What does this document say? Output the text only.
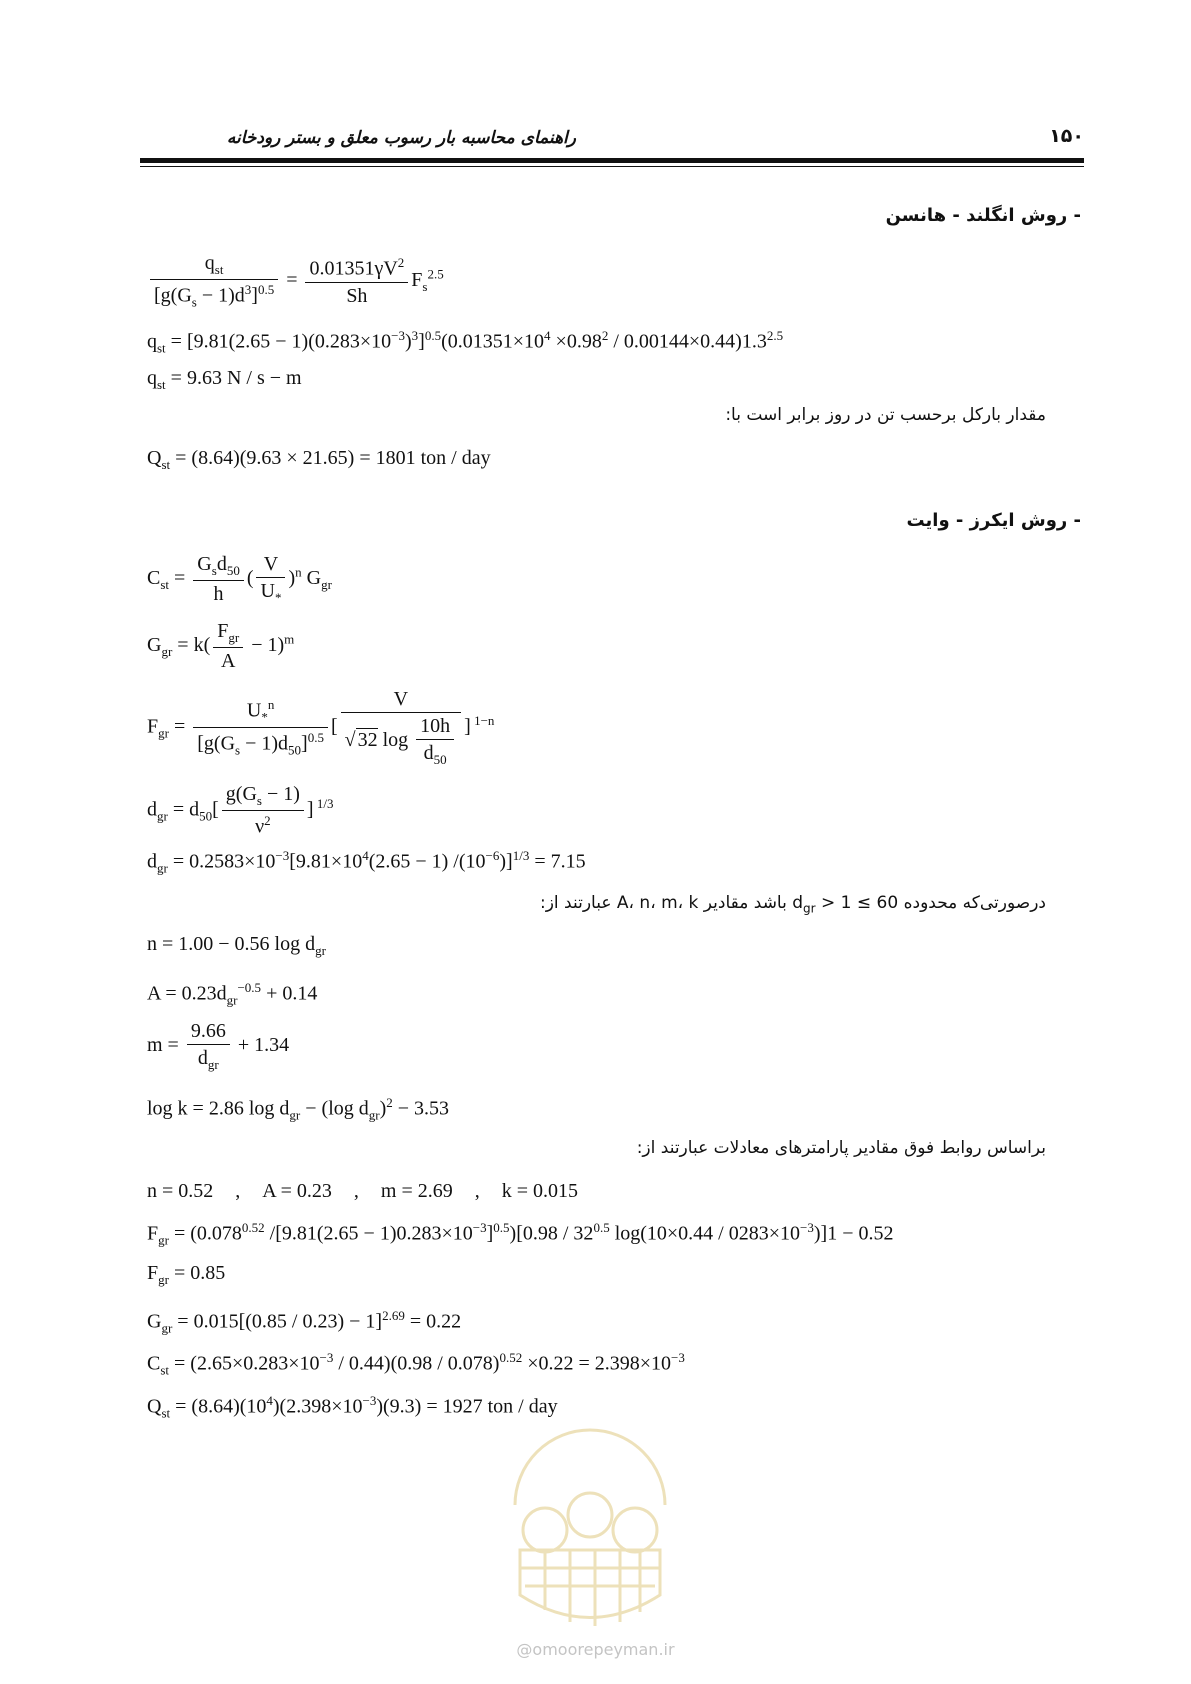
راهنمای محاسبه بار رسوب معلق و بستر رودخانه	۱۵۰
- روش انگلند - هانسن
$\frac{q_{st}}{[g(G_s - 1)d^3]^{0.5}} = \frac{0.01351\gamma V^2}{Sh} F_s^{2.5}$
$q_{st} = [9.81(2.65 - 1)(0.283\times 10^{-3})^3]^{0.5}(0.01351\times 10^4 \times 0.98^2 / 0.00144\times 0.44)1.3^{2.5}$
$q_{st} = 9.63$ N / s − m
مقدار بارکل برحسب تن در روز برابر است با:
$Q_{st} = (8.64)(9.63 \times 21.65) = 1801$ ton / day
- روش ایکرز - وایت
$C_{st} = \frac{G_sd_{50}}{h}$ ( $\frac{V}{U_*} )^n$ $G_{gr}$
$G_{gr} = k( \frac{F_{gr}}{A} - 1)^m$
$F_{gr} = \frac{U_*^n}{[g(G_s - 1)d_{50}]^{0.5}}$ [ $\frac{V}{√ 32 \log \frac{10h}{d_{50}}}$ ] $^{1-n}$
$d_{gr} = d_{50}[ \frac{g(G_s - 1)}{\nu^2}$ ] $^{1/3}$
$d_{gr} = 0.2583\times 10^{-3}[9.81\times 10^4(2.65 - 1) /(10^{-6})]^{1/3} = 7.15$
درصورتی‌که محدوده $60 \ge d_{gr} > 1$ باشد مقادیر A، n، m، k عبارتند از:
n = 1.00 − 0.56 $\log d_{gr}$
$A = 0.23d_{gr}^{-0.5} + 0.14$
$m = \frac{9.66}{d_{gr}} + 1.34$
log k = 2.86 $\log d_{gr} - (\log$ $d_{gr})^2 - 3.53$
براساس روابط فوق مقادیر پارامترهای معادلات عبارتند از:
n = 0.52 , A = 0.23 , m = 2.69 , k = 0.015
$F_{gr} = (0.078^{0.52}$ $/[9.81(2.65 - 1)0.283\times 10^{-3}]^{0.5})[0.98 / 32^{0.5}$ $\log(10\times 0.44 / 0283\times 10^{-3})]1 - 0.52$
$F_{gr} = 0.85$
$G_{gr} = 0.015[(0.85 / 0.23) - 1]^{2.69} = 0.22$
$C_{st} = (2.65\times 0.283\times 10^{-3} / 0.44)(0.98 / 0.078)^{0.52} \times 0.22 = 2.398\times 10^{-3}$
$Q_{st} = (8.64)(10^4)(2.398\times 10^{-3})(9.3) = 1927$ ton / day
@omoorepeyman.ir
